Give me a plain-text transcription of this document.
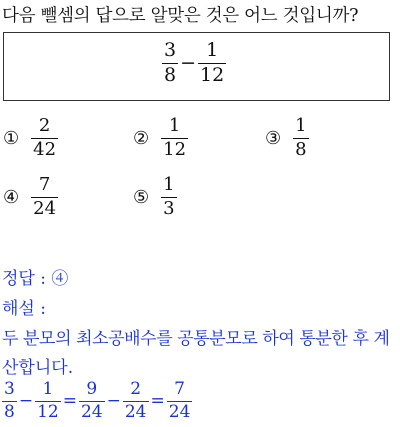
다음 뺄셈의 답으로 알맞은 것은 어느 것입니까?
$\frac{3}{8} - \frac{1}{12}$
① $\frac{2}{42}$	② $\frac{1}{12}$	③ $\frac{1}{8}$
④ $\frac{7}{24}$	⑤ $\frac{1}{3}$
정답 : ④
해설 :
두 분모의 최소공배수를 공통분모로 하여 통분한 후 계
산합니다.
$\frac{3}{8} - \frac{1}{12} = \frac{9}{24} - \frac{2}{24} = \frac{7}{24}$
